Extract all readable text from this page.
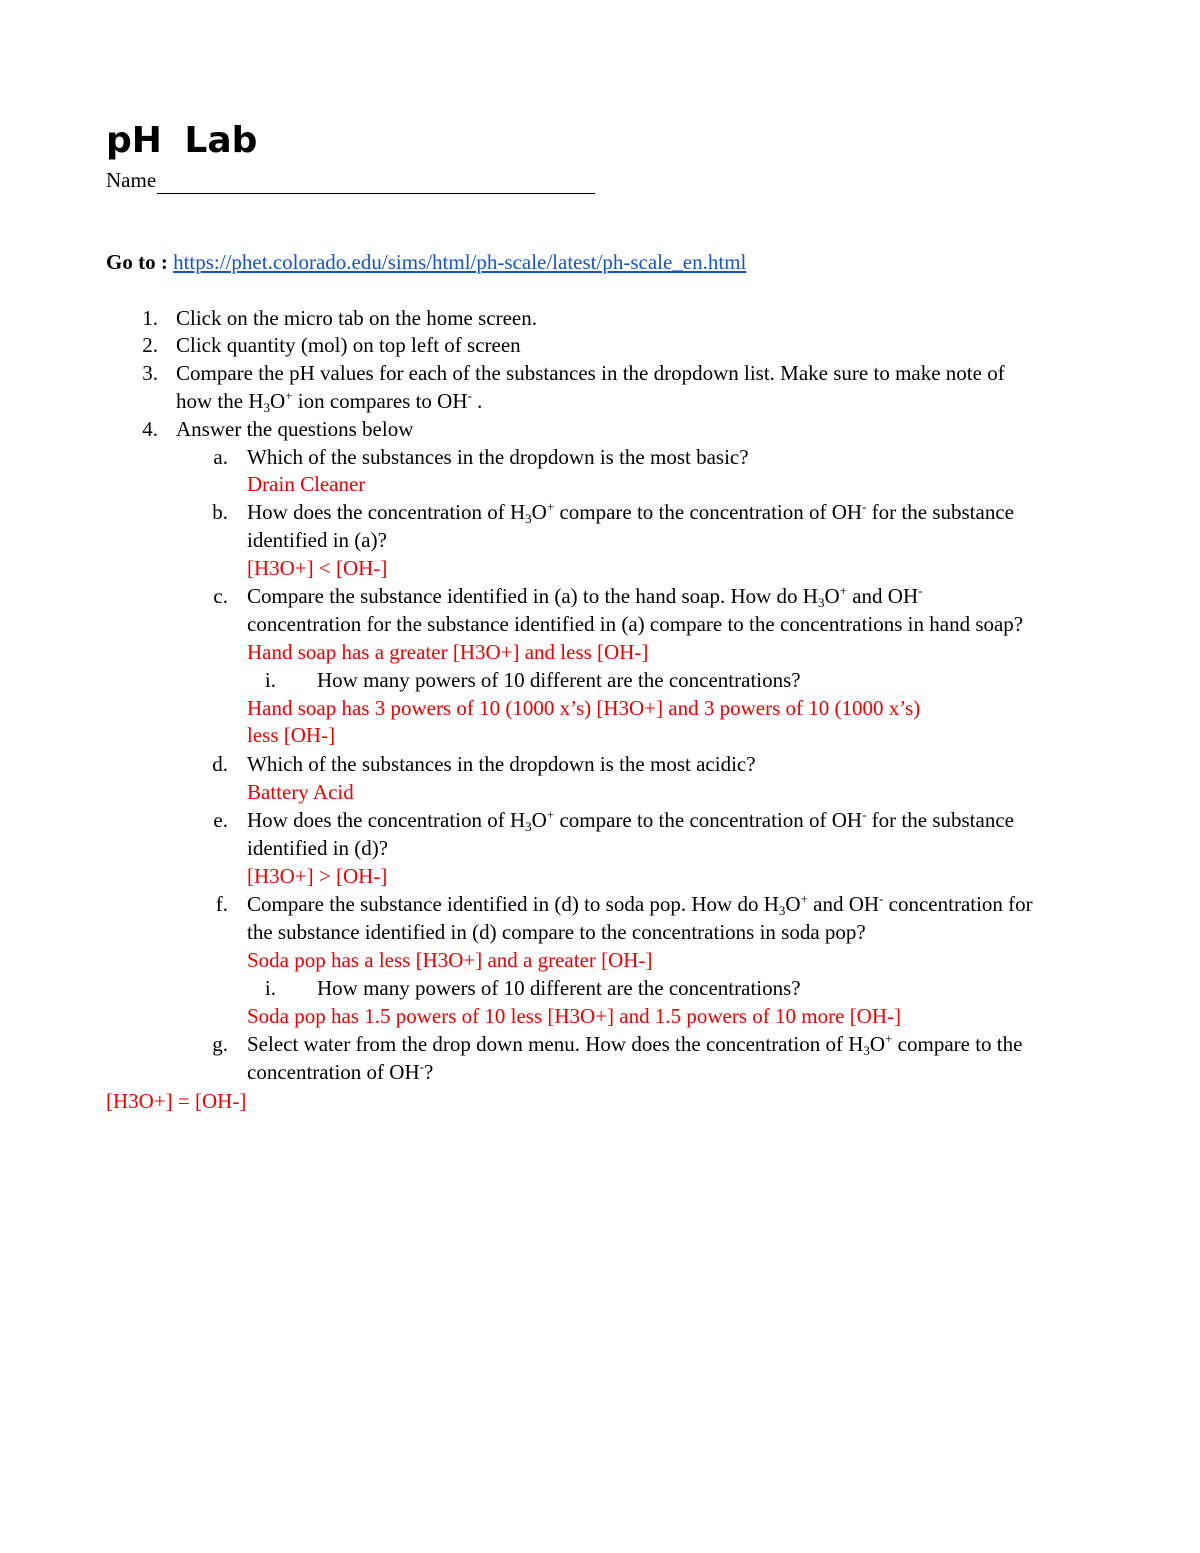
pH Lab
Name
Go to : https://phet.colorado.edu/sims/html/ph-scale/latest/ph-scale_en.html
1. Click on the micro tab on the home screen.
2. Click quantity (mol) on top left of screen
3. Compare the pH values for each of the substances in the dropdown list. Make sure to make note of
how the $H_3O^+$ ion compares to OH- .
4. Answer the questions below
a. Which of the substances in the dropdown is the most basic?
Drain Cleaner
b. How does the concentration of $H_3O^+$ compare to the concentration of OH- for the substance
identified in (a)?
[H3O+] < [OH-]
c. Compare the substance identified in (a) to the hand soap. How do $H_3O^+$ and OH-
concentration for the substance identified in (a) compare to the concentrations in hand soap?
Hand soap has a greater [H3O+] and less [OH-]
i. How many powers of 10 different are the concentrations?
Hand soap has 3 powers of 10 (1000 x’s) [H3O+] and 3 powers of 10 (1000 x’s)
less [OH-]
d. Which of the substances in the dropdown is the most acidic?
Battery Acid
e. How does the concentration of $H_3O^+$ compare to the concentration of OH- for the substance
identified in (d)?
[H3O+] > [OH-]
f. Compare the substance identified in (d) to soda pop. How do $H_3O^+$ and OH- concentration for
the substance identified in (d) compare to the concentrations in soda pop?
Soda pop has a less [H3O+] and a greater [OH-]
i. How many powers of 10 different are the concentrations?
Soda pop has 1.5 powers of 10 less [H3O+] and 1.5 powers of 10 more [OH-]
g. Select water from the drop down menu. How does the concentration of $H_3O^+$ compare to the
concentration of OH-?
[H3O+] = [OH-]
